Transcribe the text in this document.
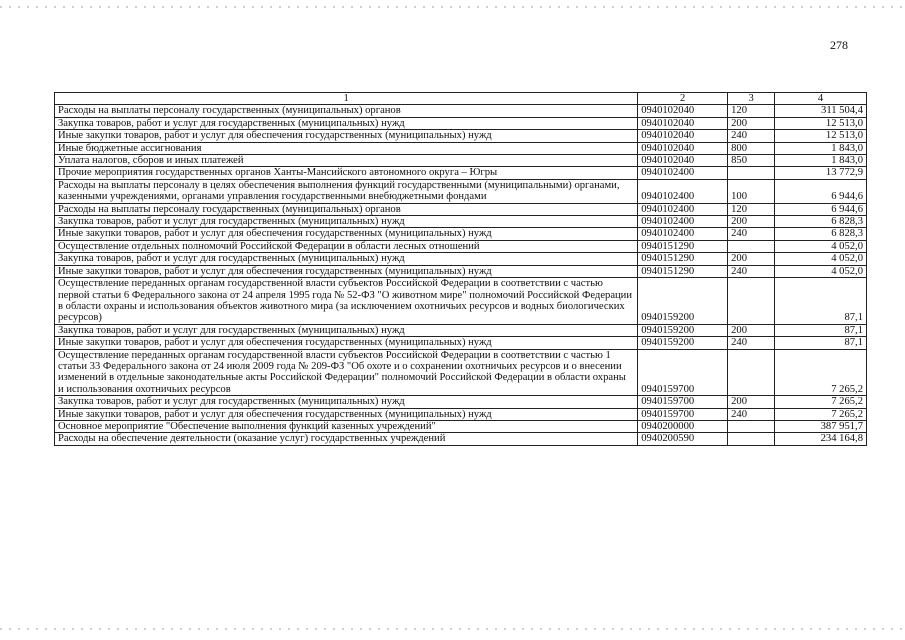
278
1	2	3	4
Расходы на выплаты персоналу государственных (муниципальных) органов	0940102040	120	311 504,4
Закупка товаров, работ и услуг для государственных (муниципальных) нужд	0940102040	200	12 513,0
Иные закупки товаров, работ и услуг для обеспечения государственных (муниципальных) нужд	0940102040	240	12 513,0
Иные бюджетные ассигнования	0940102040	800	1 843,0
Уплата налогов, сборов и иных платежей	0940102040	850	1 843,0
Прочие мероприятия государственных органов Ханты-Мансийского автономного округа – Югры	0940102400		13 772,9
Расходы на выплаты персоналу в целях обеспечения выполнения функций государственными (муниципальными) органами, казенными учреждениями, органами управления государственными внебюджетными фондами	0940102400	100	6 944,6
Расходы на выплаты персоналу государственных (муниципальных) органов	0940102400	120	6 944,6
Закупка товаров, работ и услуг для государственных (муниципальных) нужд	0940102400	200	6 828,3
Иные закупки товаров, работ и услуг для обеспечения государственных (муниципальных) нужд	0940102400	240	6 828,3
Осуществление отдельных полномочий Российской Федерации в области лесных отношений	0940151290		4 052,0
Закупка товаров, работ и услуг для государственных (муниципальных) нужд	0940151290	200	4 052,0
Иные закупки товаров, работ и услуг для обеспечения государственных (муниципальных) нужд	0940151290	240	4 052,0
Осуществление переданных органам государственной власти субъектов Российской Федерации в соответствии с частью первой статьи 6 Федерального закона от 24 апреля 1995 года № 52-ФЗ "О животном мире" полномочий Российской Федерации в области охраны и использования объектов животного мира (за исключением охотничьих ресурсов и водных биологических ресурсов)	0940159200		87,1
Закупка товаров, работ и услуг для государственных (муниципальных) нужд	0940159200	200	87,1
Иные закупки товаров, работ и услуг для обеспечения государственных (муниципальных) нужд	0940159200	240	87,1
Осуществление переданных органам государственной власти субъектов Российской Федерации в соответствии с частью 1 статьи 33 Федерального закона от 24 июля 2009 года № 209-ФЗ "Об охоте и о сохранении охотничьих ресурсов и о внесении изменений в отдельные законодательные акты Российской Федерации" полномочий Российской Федерации в области охраны и использования охотничьих ресурсов	0940159700		7 265,2
Закупка товаров, работ и услуг для государственных (муниципальных) нужд	0940159700	200	7 265,2
Иные закупки товаров, работ и услуг для обеспечения государственных (муниципальных) нужд	0940159700	240	7 265,2
Основное мероприятие "Обеспечение выполнения функций казенных учреждений"	0940200000		387 951,7
Расходы на обеспечение деятельности (оказание услуг) государственных учреждений	0940200590		234 164,8
